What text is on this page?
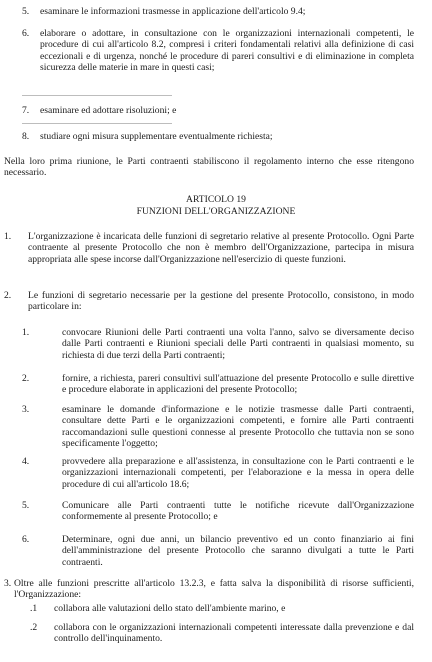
5.	esaminare le informazioni trasmesse in applicazione dell'articolo 9.4;
6.	elaborare o adottare, in consultazione con le organizzazioni internazionali competenti, le procedure di cui all'articolo 8.2, compresi i criteri fondamentali relativi alla definizione di casi eccezionali e di urgenza, nonché le procedure di pareri consultivi e di eliminazione in completa sicurezza delle materie in mare in questi casi;
7.	esaminare ed adottare risoluzioni; e
8.	studiare ogni misura supplementare eventualmente richiesta;
Nella loro prima riunione, le Parti contraenti stabiliscono il regolamento interno che esse ritengono necessario.
ARTICOLO 19
FUNZIONI DELL'ORGANIZZAZIONE
1.	L'organizzazione è incaricata delle funzioni di segretario relative al presente Protocollo. Ogni Parte contraente al presente Protocollo che non è membro dell'Organizzazione, partecipa in misura appropriata alle spese incorse dall'Organizzazione nell'esercizio di queste funzioni.
2.	Le funzioni di segretario necessarie per la gestione del presente Protocollo, consistono, in modo particolare in:
1.	convocare Riunioni delle Parti contraenti una volta l'anno, salvo se diversamente deciso dalle Parti contraenti e Riunioni speciali delle Parti contraenti in qualsiasi momento, su richiesta di due terzi della Parti contraenti;
2.	fornire, a richiesta, pareri consultivi sull'attuazione del presente Protocollo e sulle direttive e procedure elaborate in applicazioni del presente Protocollo;
3.	esaminare le domande d'informazione e le notizie trasmesse dalle Parti contraenti, consultare dette Parti e le organizzazioni competenti, e fornire alle Parti contraenti raccomandazioni sulle questioni connesse al presente Protocollo che tuttavia non se sono specificamente l'oggetto;
4.	provvedere alla preparazione e all'assistenza, in consultazione con le Parti contraenti e le organizzazioni internazionali competenti, per l'elaborazione e la messa in opera delle procedure di cui all'articolo 18.6;
5.	Comunicare alle Parti contraenti tutte le notifiche ricevute dall'Organizzazione conformemente al presente Protocollo; e
6.	Determinare, ogni due anni, un bilancio preventivo ed un conto finanziario ai fini dell'amministrazione del presente Protocollo che saranno divulgati a tutte le Parti contraenti.
3. Oltre alle funzioni prescritte all'articolo 13.2.3, e fatta salva la disponibilità di risorse sufficienti, l'Organizzazione:
.1	collabora alle valutazioni dello stato dell'ambiente marino, e
.2	collabora con le organizzazioni internazionali competenti interessate dalla prevenzione e dal controllo dell'inquinamento.
